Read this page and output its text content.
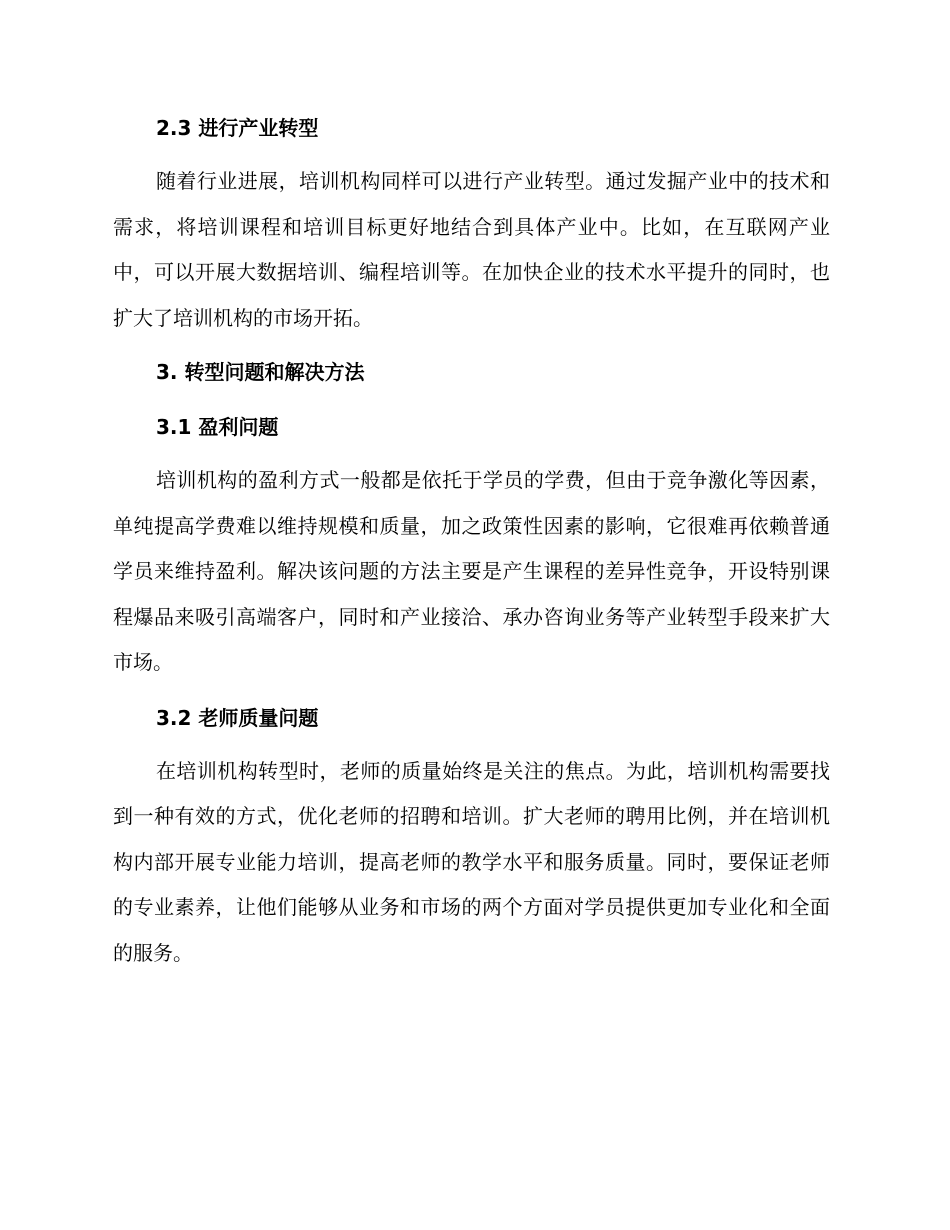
2.3 进行产业转型

随着行业进展，培训机构同样可以进行产业转型。通过发掘产业中的技术和需求，将培训课程和培训目标更好地结合到具体产业中。比如，在互联网产业中，可以开展大数据培训、编程培训等。在加快企业的技术水平提升的同时，也扩大了培训机构的市场开拓。

3. 转型问题和解决方法
3.1 盈利问题

培训机构的盈利方式一般都是依托于学员的学费，但由于竞争激化等因素，单纯提高学费难以维持规模和质量，加之政策性因素的影响，它很难再依赖普通学员来维持盈利。解决该问题的方法主要是产生课程的差异性竞争，开设特别课程爆品来吸引高端客户，同时和产业接洽、承办咨询业务等产业转型手段来扩大市场。

3.2 老师质量问题

在培训机构转型时，老师的质量始终是关注的焦点。为此，培训机构需要找到一种有效的方式，优化老师的招聘和培训。扩大老师的聘用比例，并在培训机构内部开展专业能力培训，提高老师的教学水平和服务质量。同时，要保证老师的专业素养，让他们能够从业务和市场的两个方面对学员提供更加专业化和全面的服务。
